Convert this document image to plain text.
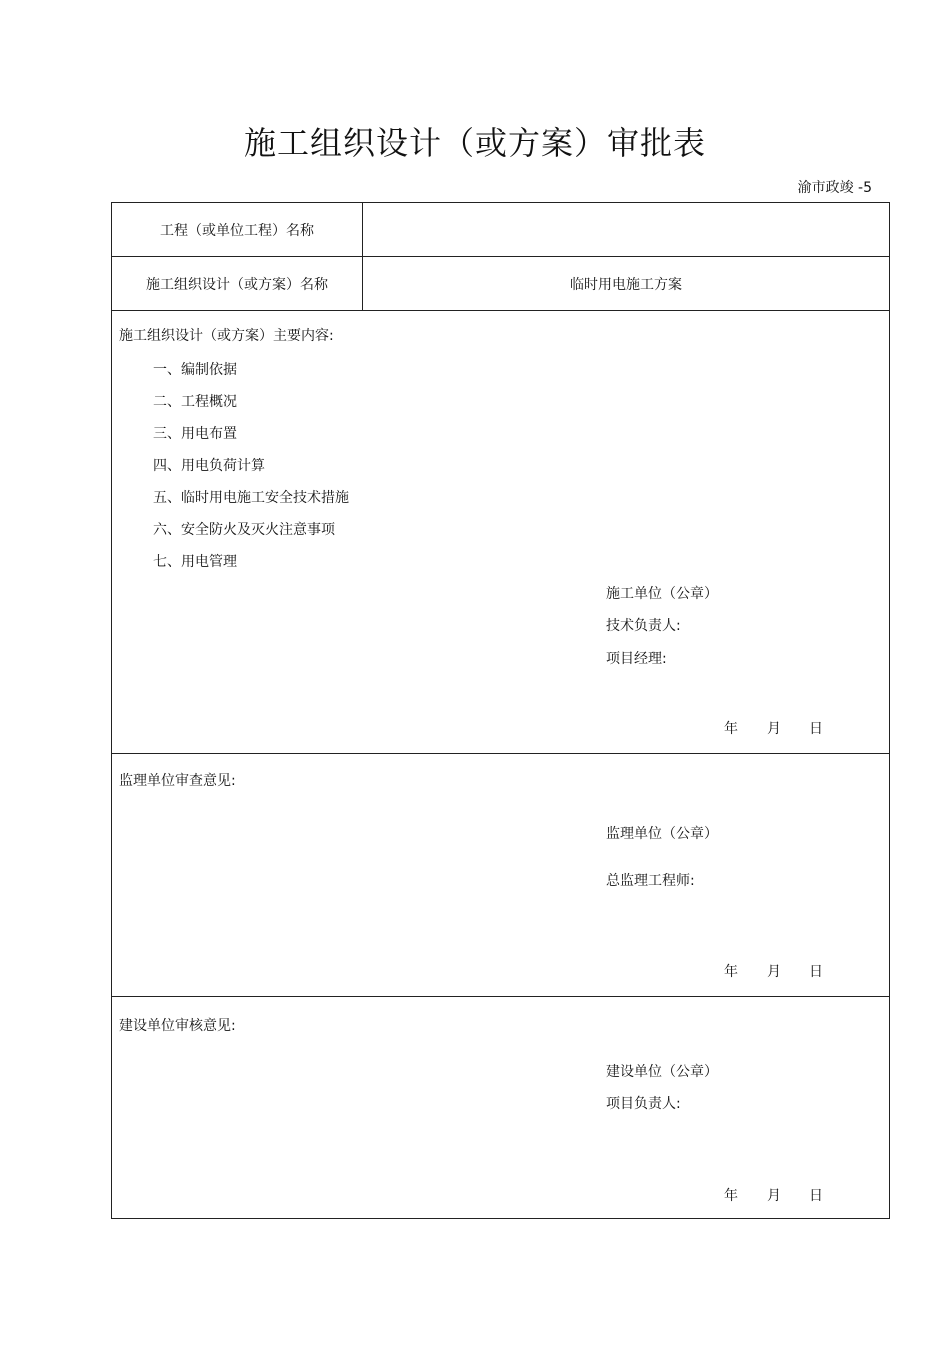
施工组织设计（或方案）审批表
渝市政竣 -5
工程（或单位工程）名称
施工组织设计（或方案）名称	临时用电施工方案
施工组织设计（或方案）主要内容:
一、编制依据
二、工程概况
三、用电布置
四、用电负荷计算
五、临时用电施工安全技术措施
六、安全防火及灭火注意事项
七、用电管理
施工单位（公章）
技术负责人:
项目经理:
年 月 日
监理单位审查意见:
监理单位（公章）
总监理工程师:
年 月 日
建设单位审核意见:
建设单位（公章）
项目负责人:
年 月 日
